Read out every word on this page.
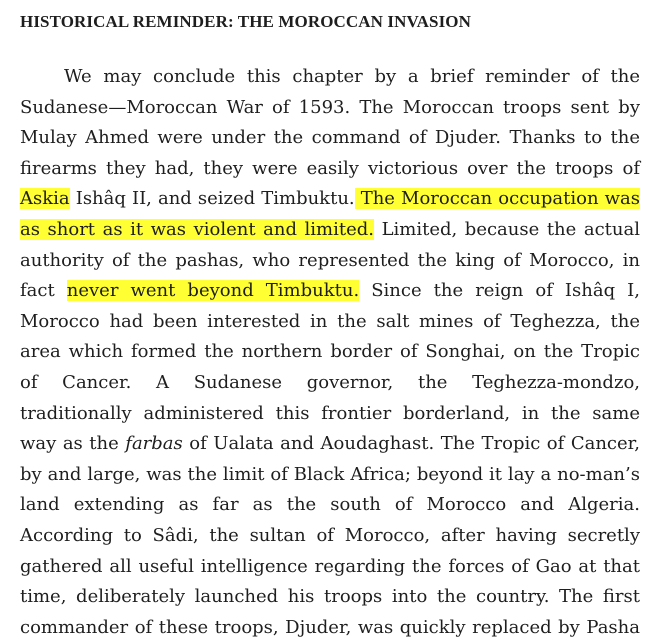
HISTORICAL REMINDER: THE MOROCCAN INVASION
We may conclude this chapter by a brief reminder of the
Sudanese—Moroccan War of 1593. The Moroccan troops sent by
Mulay Ahmed were under the command of Djuder. Thanks to the
firearms they had, they were easily victorious over the troops of
Askia Ishâq II, and seized Timbuktu. The Moroccan occupation was
as short as it was violent and limited. Limited, because the actual
authority of the pashas, who represented the king of Morocco, in
fact never went beyond Timbuktu. Since the reign of Ishâq I,
Morocco had been interested in the salt mines of Teghezza, the
area which formed the northern border of Songhai, on the Tropic
of Cancer. A Sudanese governor, the Teghezza-mondzo,
traditionally administered this frontier borderland, in the same
way as the farbas of Ualata and Aoudaghast. The Tropic of Cancer,
by and large, was the limit of Black Africa; beyond it lay a no-man’s
land extending as far as the south of Morocco and Algeria.
According to Sâdi, the sultan of Morocco, after having secretly
gathered all useful intelligence regarding the forces of Gao at that
time, deliberately launched his troops into the country. The first
commander of these troops, Djuder, was quickly replaced by Pasha
